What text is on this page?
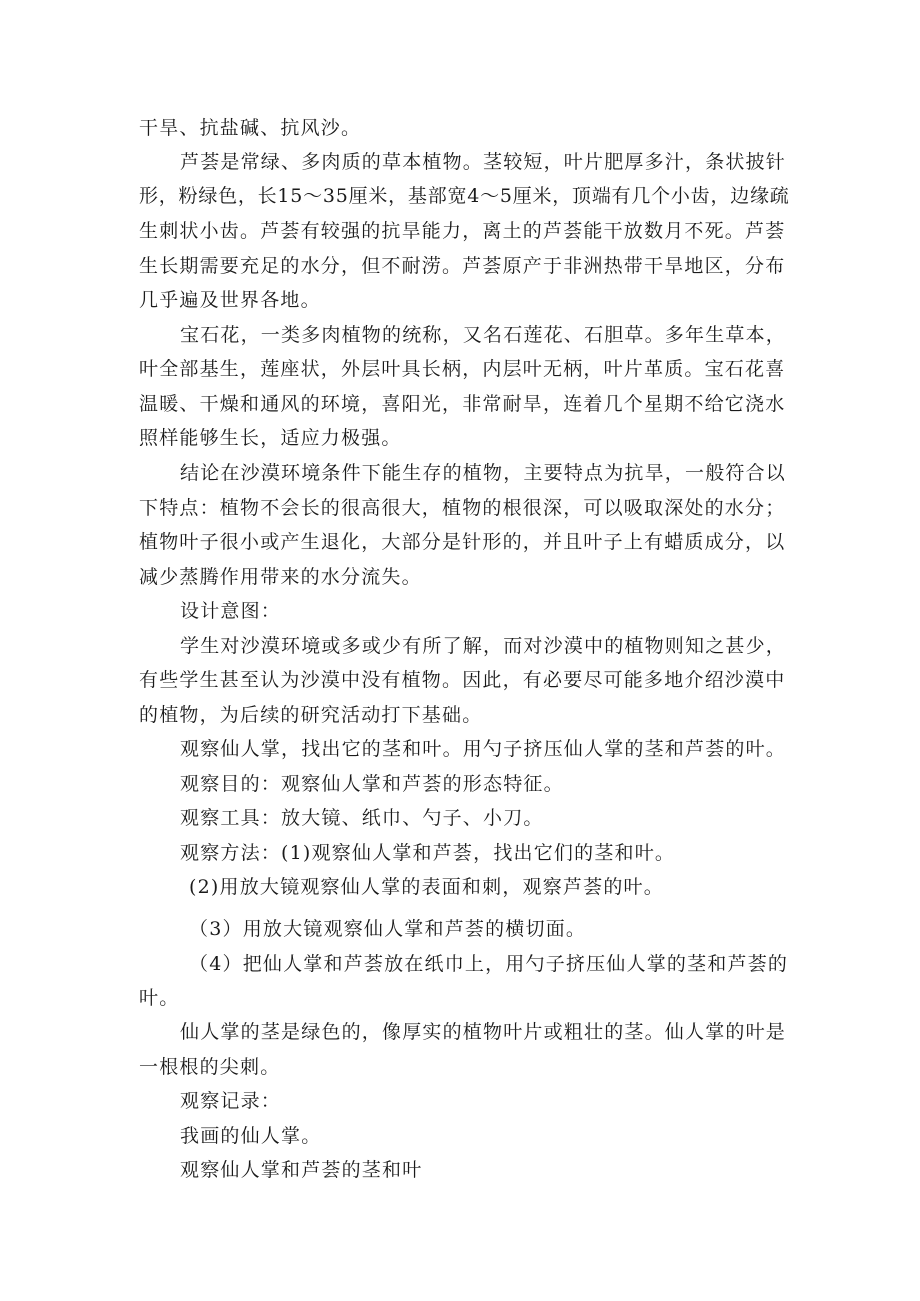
干旱、抗盐碱、抗风沙。
芦荟是常绿、多肉质的草本植物。茎较短，叶片肥厚多汁，条状披针
形，粉绿色，长15～35厘米，基部宽4～5厘米，顶端有几个小齿，边缘疏
生刺状小齿。芦荟有较强的抗旱能力，离土的芦荟能干放数月不死。芦荟
生长期需要充足的水分，但不耐涝。芦荟原产于非洲热带干旱地区，分布
几乎遍及世界各地。
宝石花，一类多肉植物的统称，又名石莲花、石胆草。多年生草本，
叶全部基生，莲座状，外层叶具长柄，内层叶无柄，叶片革质。宝石花喜
温暖、干燥和通风的环境，喜阳光，非常耐旱，连着几个星期不给它浇水
照样能够生长，适应力极强。
结论在沙漠环境条件下能生存的植物，主要特点为抗旱，一般符合以
下特点：植物不会长的很高很大，植物的根很深，可以吸取深处的水分；
植物叶子很小或产生退化，大部分是针形的，并且叶子上有蜡质成分，以
减少蒸腾作用带来的水分流失。
设计意图：
学生对沙漠环境或多或少有所了解，而对沙漠中的植物则知之甚少，
有些学生甚至认为沙漠中没有植物。因此，有必要尽可能多地介绍沙漠中
的植物，为后续的研究活动打下基础。
观察仙人掌，找出它的茎和叶。用勺子挤压仙人掌的茎和芦荟的叶。
观察目的：观察仙人掌和芦荟的形态特征。
观察工具：放大镜、纸巾、勺子、小刀。
观察方法：(1)观察仙人掌和芦荟，找出它们的茎和叶。
(2)用放大镜观察仙人掌的表面和刺，观察芦荟的叶。
（3）用放大镜观察仙人掌和芦荟的横切面。
（4）把仙人掌和芦荟放在纸巾上，用勺子挤压仙人掌的茎和芦荟的
叶。
仙人掌的茎是绿色的，像厚实的植物叶片或粗壮的茎。仙人掌的叶是
一根根的尖刺。
观察记录：
我画的仙人掌。
观察仙人掌和芦荟的茎和叶
